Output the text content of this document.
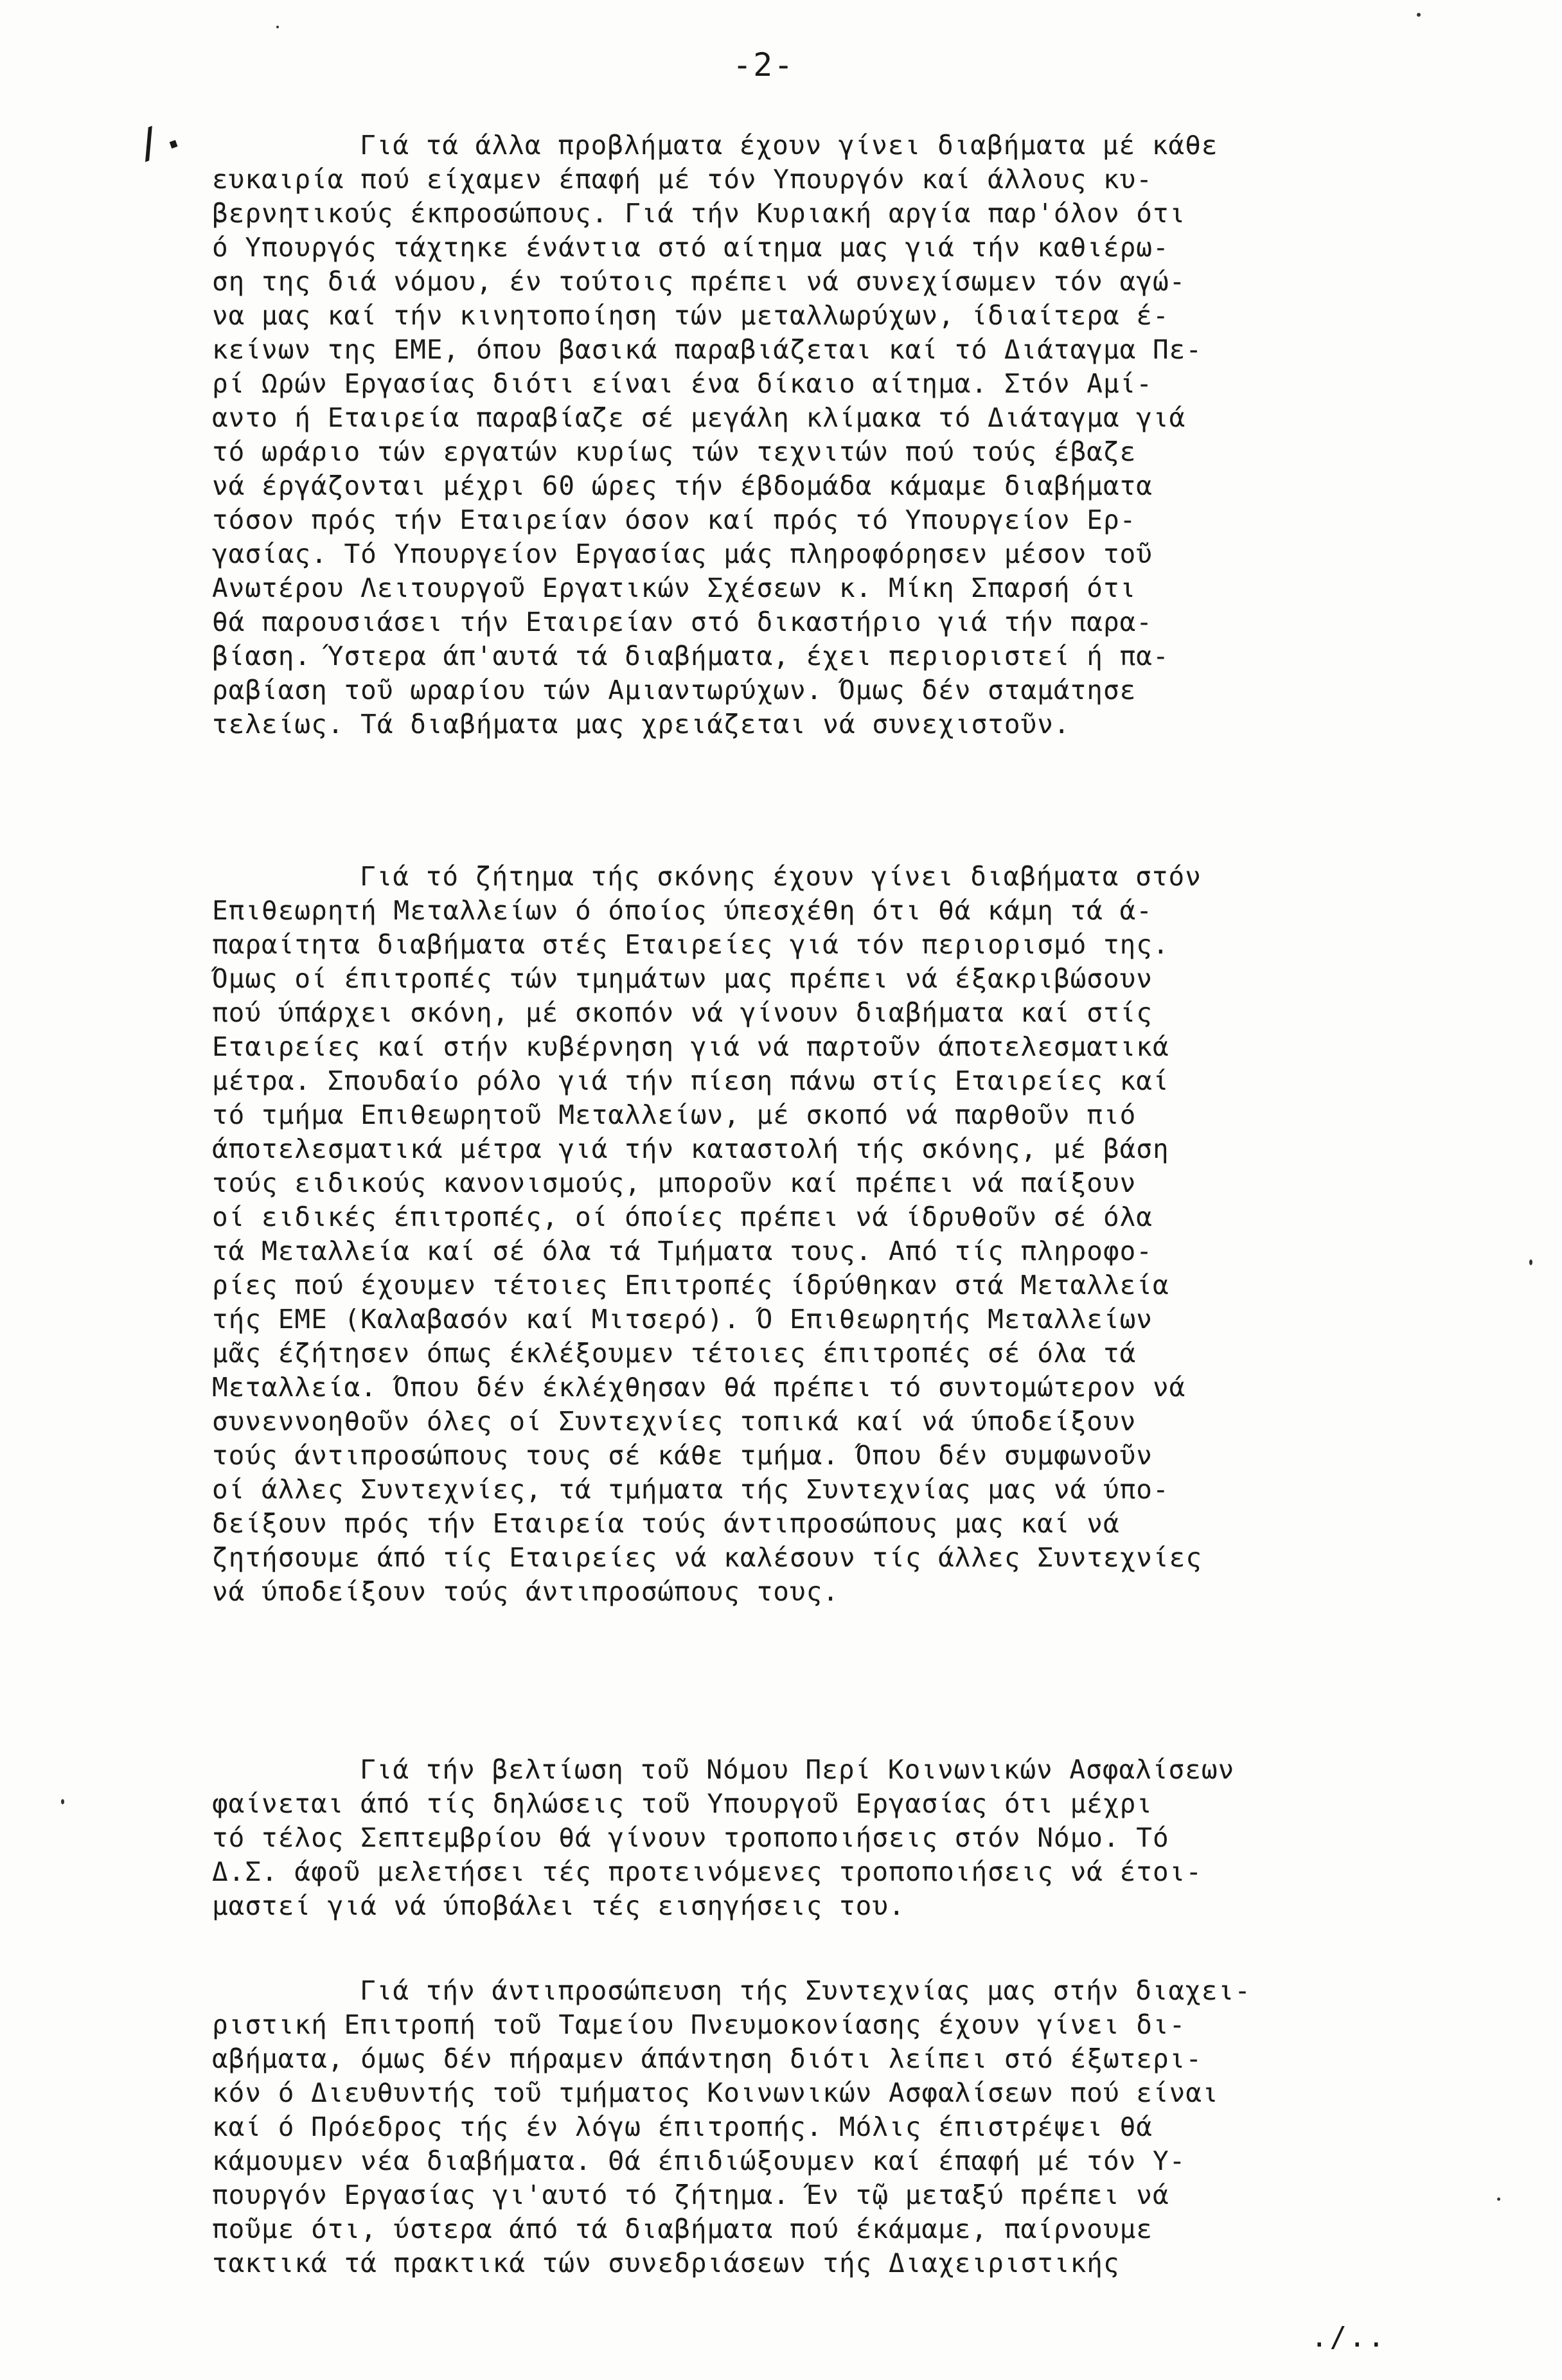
-2-
/.	Γιά τά άλλα προβλήματα έχουν γίνει διαβήματα μέ κάθε
ευκαιρία πού είχαμεν έπαφή μέ τόν Υπουργόν καί άλλους κυ-
βερνητικούς έκπροσώπους. Γιά τήν Κυριακή αργία παρ'όλον ότι
ό Υπουργός τάχτηκε ένάντια στό αίτημα μας γιά τήν καθιέρω-
ση της διά νόμου, έν τούτοις πρέπει νά συνεχίσωμεν τόν αγώ-
να μας καί τήν κινητοποίηση τών μεταλλωρύχων, ίδιαίτερα έ-
κείνων της ΕΜΕ, όπου βασικά παραβιάζεται καί τό Διάταγμα Πε-
ρί Ωρών Εργασίας διότι είναι ένα δίκαιο αίτημα. Στόν Αμί-
αντο ή Εταιρεία παραβίαζε σέ μεγάλη κλίμακα τό Διάταγμα γιά
τό ωράριο τών εργατών κυρίως τών τεχνιτών πού τούς έβαζε
νά έργάζονται μέχρι 60 ώρες τήν έβδομάδα κάμαμε διαβήματα
τόσον πρός τήν Εταιρείαν όσον καί πρός τό Υπουργείον Ερ-
γασίας. Τό Υπουργείον Εργασίας μάς πληροφόρησεν μέσον τοῦ
Ανωτέρου Λειτουργοῦ Εργατικών Σχέσεων κ. Μίκη Σπαρσή ότι
θά παρουσιάσει τήν Εταιρείαν στό δικαστήριο γιά τήν παρα-
βίαση. Ύστερα άπ'αυτά τά διαβήματα, έχει περιοριστεί ή πα-
ραβίαση τοῦ ωραρίου τών Αμιαντωρύχων. Όμως δέν σταμάτησε
τελείως. Τά διαβήματα μας χρειάζεται νά συνεχιστοῦν.
Γιά τό ζήτημα τής σκόνης έχουν γίνει διαβήματα στόν
Επιθεωρητή Μεταλλείων ό όποίος ύπεσχέθη ότι θά κάμη τά ά-
παραίτητα διαβήματα στές Εταιρείες γιά τόν περιορισμό της.
Όμως οί έπιτροπές τών τμημάτων μας πρέπει νά έξακριβώσουν
πού ύπάρχει σκόνη, μέ σκοπόν νά γίνουν διαβήματα καί στίς
Εταιρείες καί στήν κυβέρνηση γιά νά παρτοῦν άποτελεσματικά
μέτρα. Σπουδαίο ρόλο γιά τήν πίεση πάνω στίς Εταιρείες καί
τό τμήμα Επιθεωρητοῦ Μεταλλείων, μέ σκοπό νά παρθοῦν πιό
άποτελεσματικά μέτρα γιά τήν καταστολή τής σκόνης, μέ βάση
τούς ειδικούς κανονισμούς, μποροῦν καί πρέπει νά παίξουν
οί ειδικές έπιτροπές, οί όποίες πρέπει νά ίδρυθοῦν σέ όλα
τά Μεταλλεία καί σέ όλα τά Τμήματα τους. Από τίς πληροφο-
ρίες πού έχουμεν τέτοιες Επιτροπές ίδρύθηκαν στά Μεταλλεία
τής ΕΜΕ (Καλαβασόν καί Μιτσερό). Ό Επιθεωρητής Μεταλλείων
μᾶς έζήτησεν όπως έκλέξουμεν τέτοιες έπιτροπές σέ όλα τά
Μεταλλεία. Όπου δέν έκλέχθησαν θά πρέπει τό συντομώτερον νά
συνεννοηθοῦν όλες οί Συντεχνίες τοπικά καί νά ύποδείξουν
τούς άντιπροσώπους τους σέ κάθε τμήμα. Όπου δέν συμφωνοῦν
οί άλλες Συντεχνίες, τά τμήματα τής Συντεχνίας μας νά ύπο-
δείξουν πρός τήν Εταιρεία τούς άντιπροσώπους μας καί νά
ζητήσουμε άπό τίς Εταιρείες νά καλέσουν τίς άλλες Συντεχνίες
νά ύποδείξουν τούς άντιπροσώπους τους.
Γιά τήν βελτίωση τοῦ Νόμου Περί Κοινωνικών Ασφαλίσεων
φαίνεται άπό τίς δηλώσεις τοῦ Υπουργοῦ Εργασίας ότι μέχρι
τό τέλος Σεπτεμβρίου θά γίνουν τροποποιήσεις στόν Νόμο. Τό
Δ.Σ. άφοῦ μελετήσει τές προτεινόμενες τροποποιήσεις νά έτοι-
μαστεί γιά νά ύποβάλει τές εισηγήσεις του.
Γιά τήν άντιπροσώπευση τής Συντεχνίας μας στήν διαχει-
ριστική Επιτροπή τοῦ Ταμείου Πνευμοκονίασης έχουν γίνει δι-
αβήματα, όμως δέν πήραμεν άπάντηση διότι λείπει στό έξωτερι-
κόν ό Διευθυντής τοῦ τμήματος Κοινωνικών Ασφαλίσεων πού είναι
καί ό Πρόεδρος τής έν λόγω έπιτροπής. Μόλις έπιστρέψει θά
κάμουμεν νέα διαβήματα. Θά έπιδιώξουμεν καί έπαφή μέ τόν Υ-
πουργόν Εργασίας γι'αυτό τό ζήτημα. Έν τῷ μεταξύ πρέπει νά
ποῦμε ότι, ύστερα άπό τά διαβήματα πού έκάμαμε, παίρνουμε
τακτικά τά πρακτικά τών συνεδριάσεων τής Διαχειριστικής
./..
